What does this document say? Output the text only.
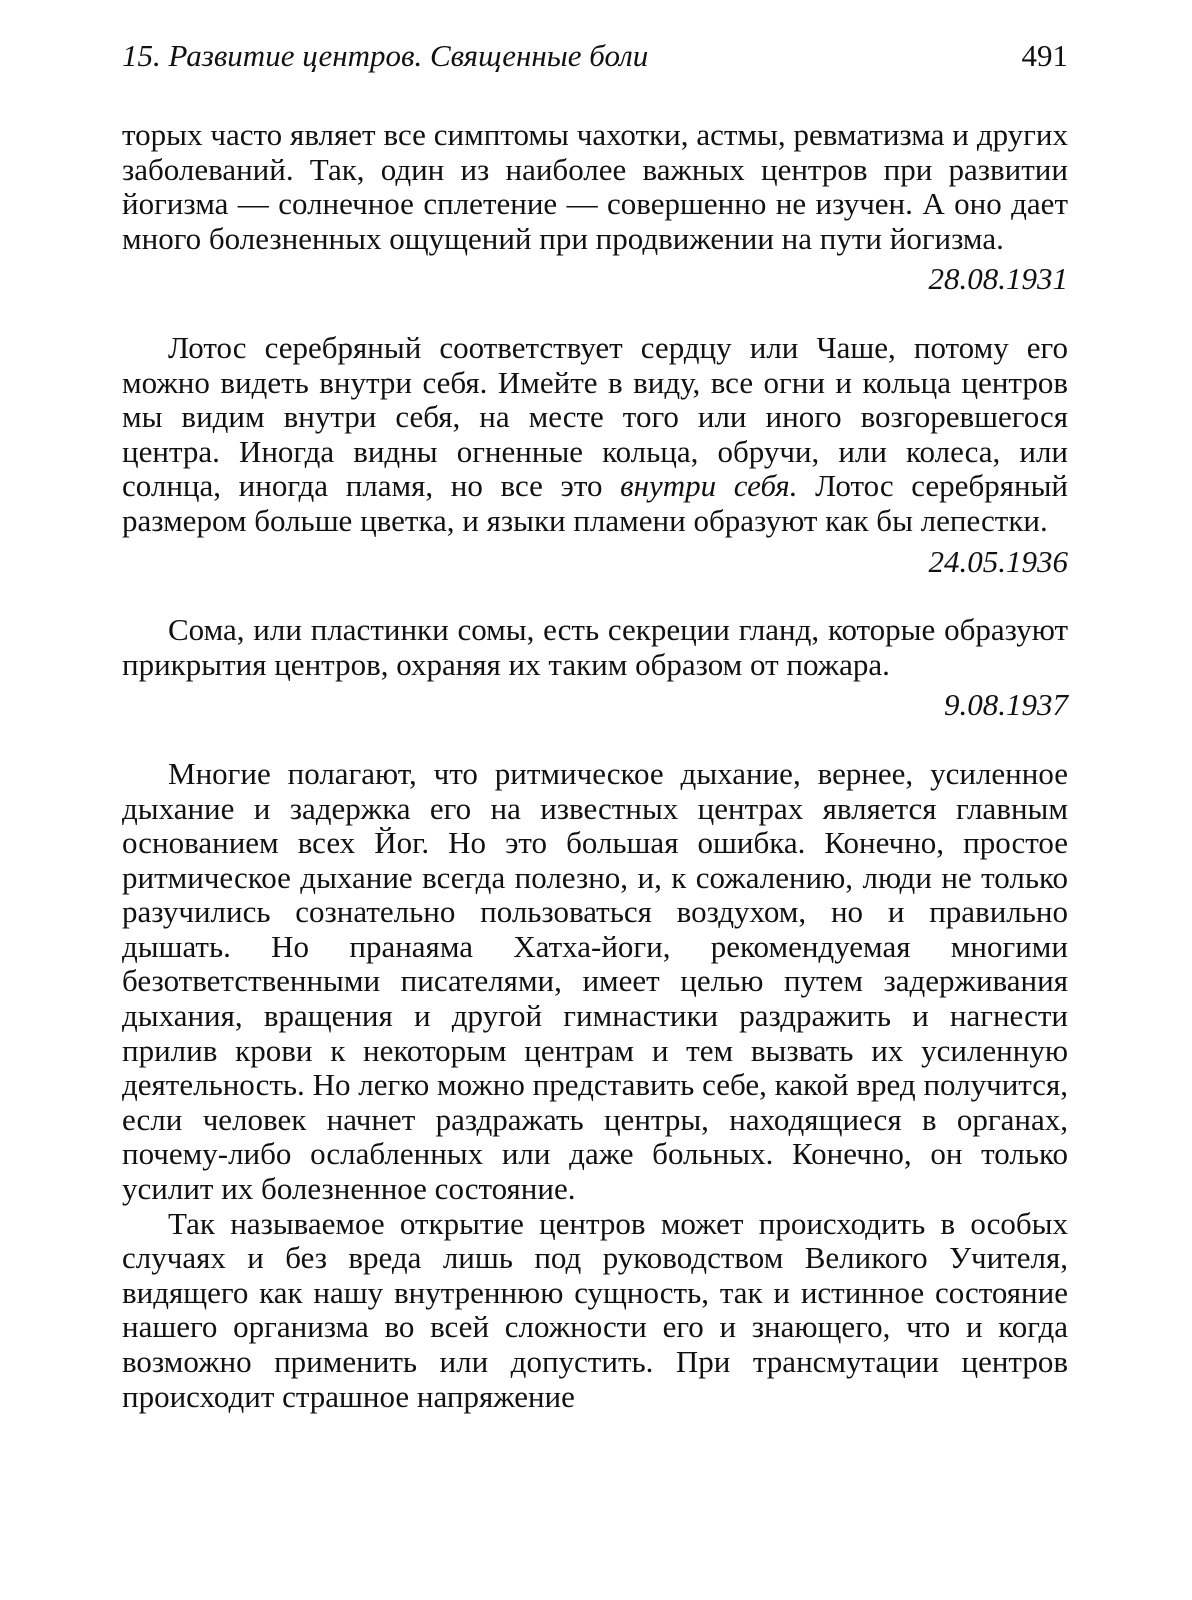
15. Развитие центров. Священные боли	491

торых часто являет все симптомы чахотки, астмы, ревматизма и других заболеваний. Так, один из наиболее важных центров при развитии йогизма — солнечное сплетение — совершенно не изучен. А оно дает много болезненных ощущений при продвижении на пути йогизма.

28.08.1931

Лотос серебряный соответствует сердцу или Чаше, потому его можно видеть внутри себя. Имейте в виду, все огни и кольца центров мы видим внутри себя, на месте того или иного возгоревшегося центра. Иногда видны огненные кольца, обручи, или колеса, или солнца, иногда пламя, но все это внутри себя. Лотос серебряный размером больше цветка, и языки пламени образуют как бы лепестки.

24.05.1936

Сома, или пластинки сомы, есть секреции гланд, которые образуют прикрытия центров, охраняя их таким образом от пожара.

9.08.1937

Многие полагают, что ритмическое дыхание, вернее, усиленное дыхание и задержка его на известных центрах является главным основанием всех Йог. Но это большая ошибка. Конечно, простое ритмическое дыхание всегда полезно, и, к сожалению, люди не только разучились сознательно пользоваться воздухом, но и правильно дышать. Но пранаяма Хатха-йоги, рекомендуемая многими безответственными писателями, имеет целью путем задерживания дыхания, вращения и другой гимнастики раздражить и нагнести прилив крови к некоторым центрам и тем вызвать их усиленную деятельность. Но легко можно представить себе, какой вред получится, если человек начнет раздражать центры, находящиеся в органах, почему-либо ослабленных или даже больных. Конечно, он только усилит их болезненное состояние.

Так называемое открытие центров может происходить в особых случаях и без вреда лишь под руководством Великого Учителя, видящего как нашу внутреннюю сущность, так и истинное состояние нашего организма во всей сложности его и знающего, что и когда возможно применить или допустить. При трансмутации центров происходит страшное напряжение
